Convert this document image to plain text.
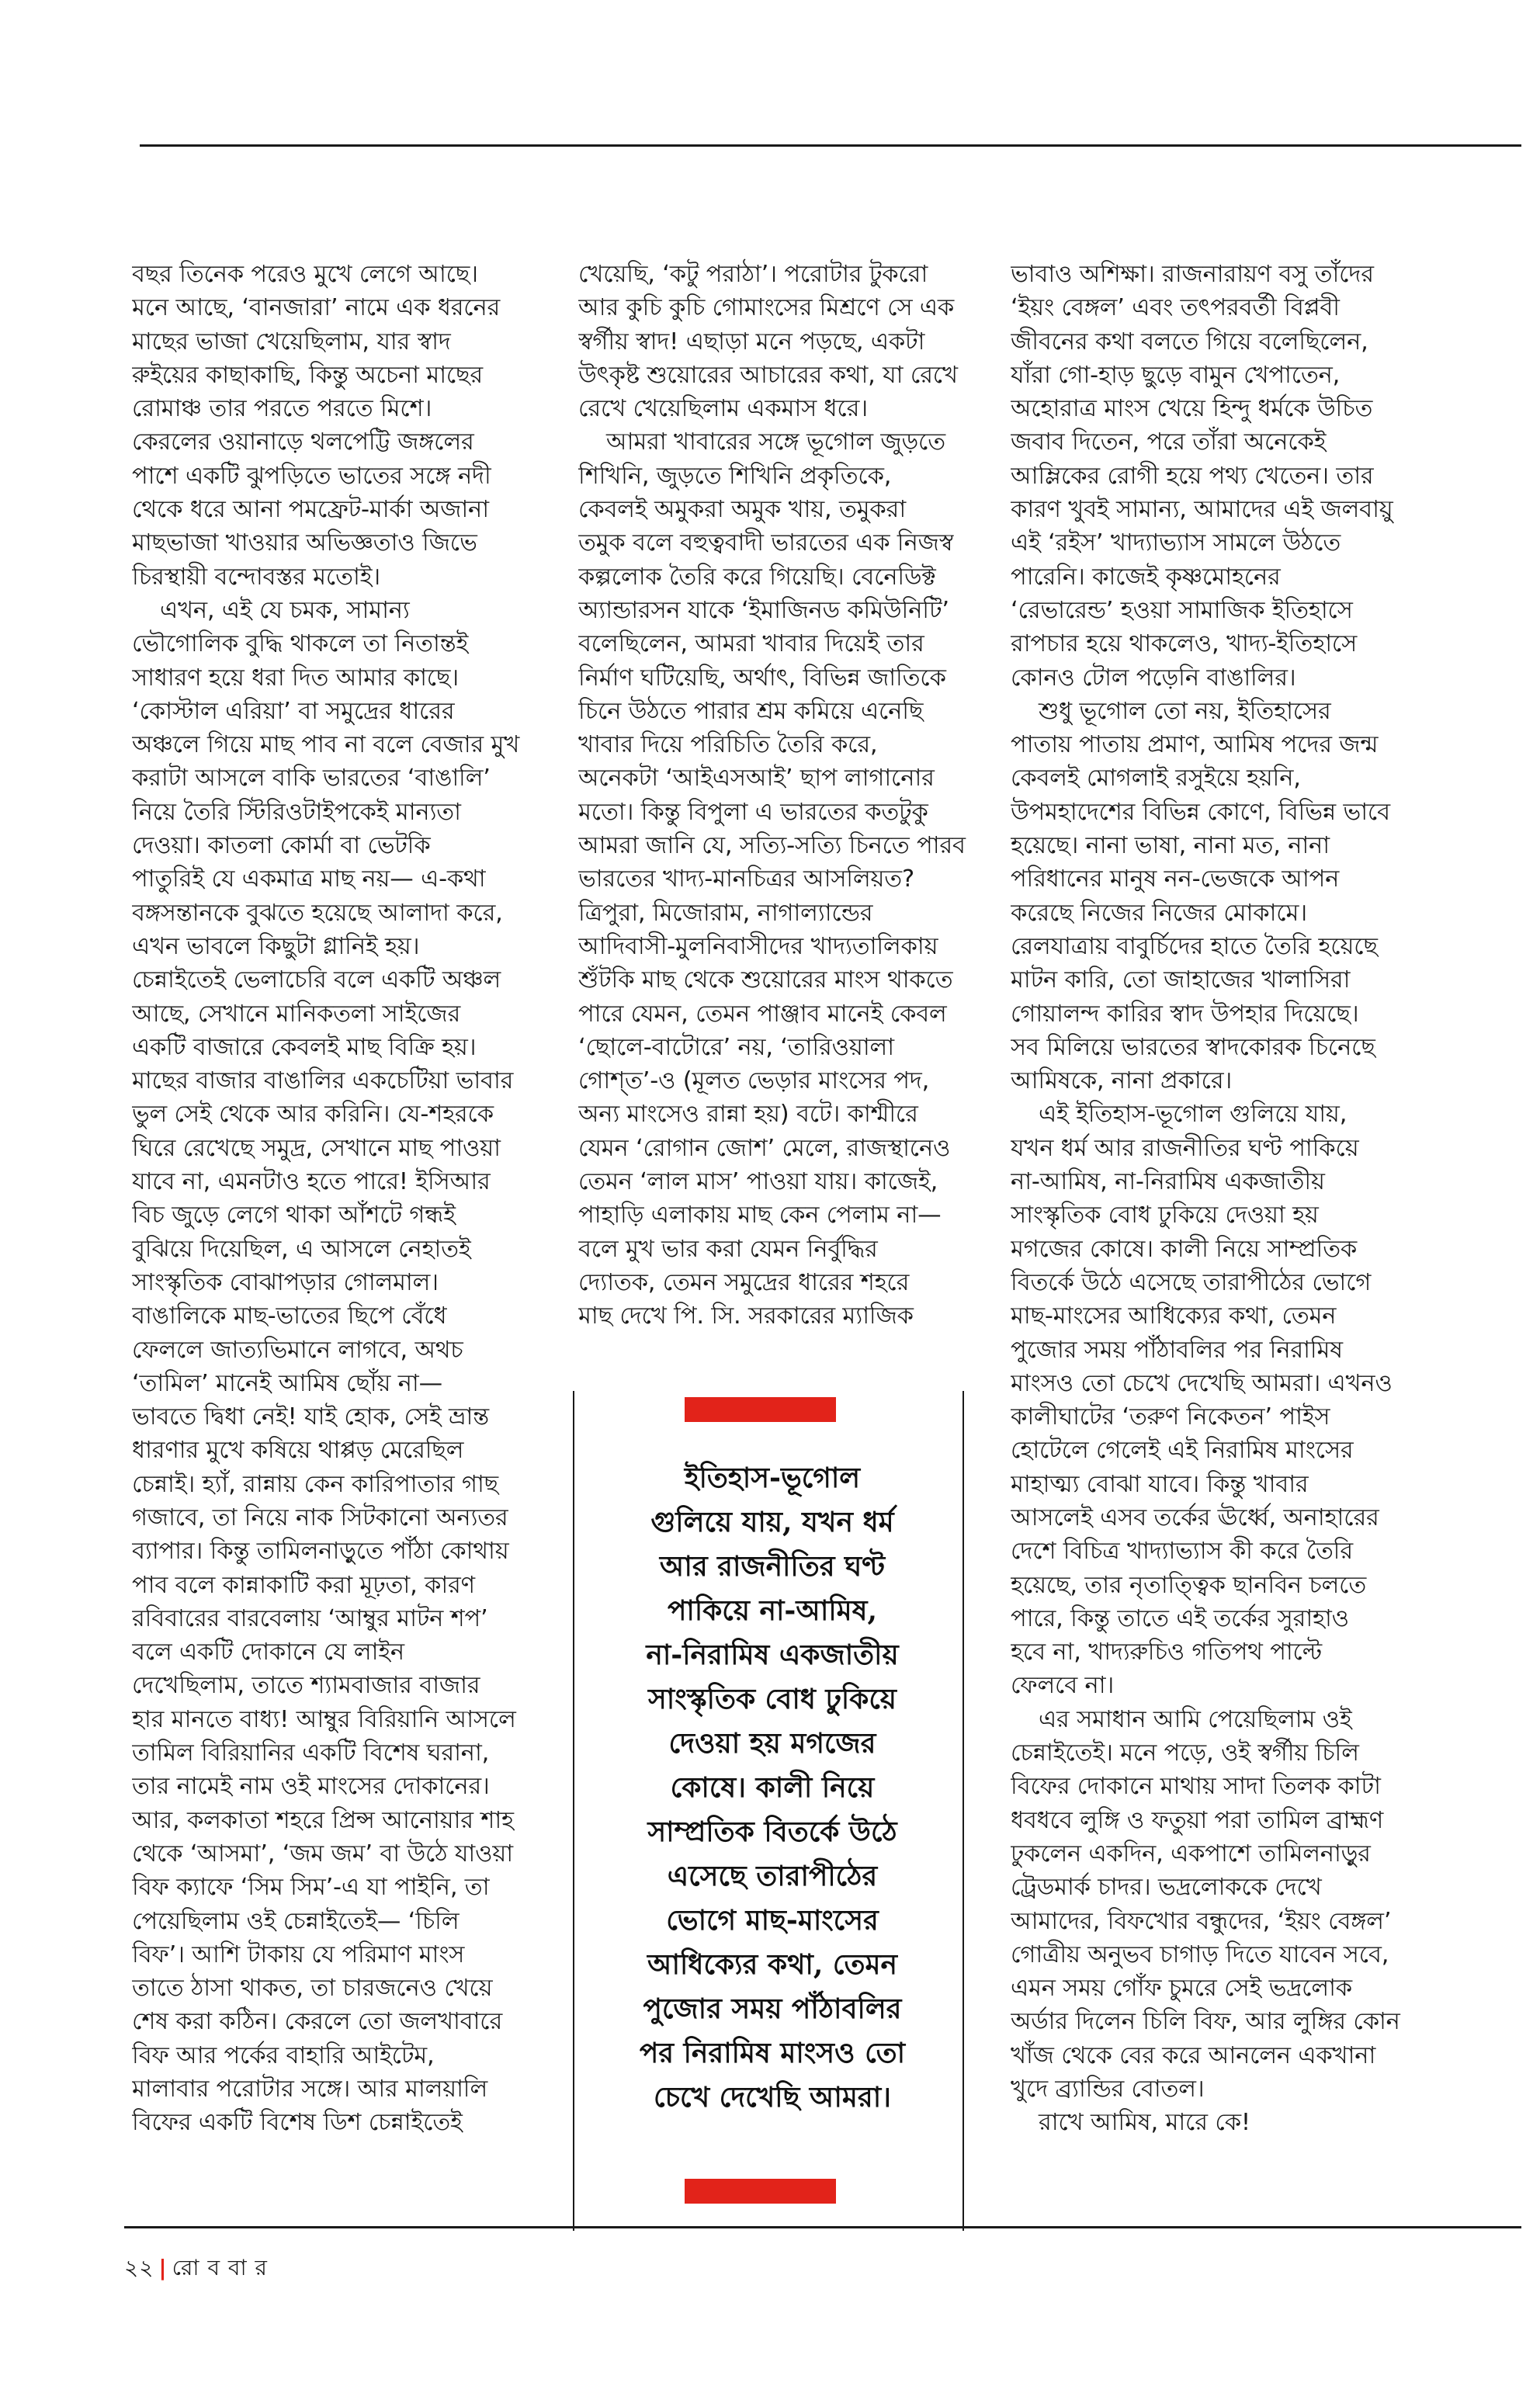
বছর তিনেক পরেও মুখে লেগে আছে।
মনে আছে, ‘বানজারা’ নামে এক ধরনের
মাছের ভাজা খেয়েছিলাম, যার স্বাদ
রুইয়ের কাছাকাছি, কিন্তু অচেনা মাছের
রোমাঞ্চ তার পরতে পরতে মিশে।
কেরলের ওয়ানাড়ে থলপেট্টি জঙ্গলের
পাশে একটি ঝুপড়িতে ভাতের সঙ্গে নদী
থেকে ধরে আনা পমফ্রেট-মার্কা অজানা
মাছভাজা খাওয়ার অভিজ্ঞতাও জিভে
চিরস্থায়ী বন্দোবস্তর মতোই।
এখন, এই যে চমক, সামান্য
ভৌগোলিক বুদ্ধি থাকলে তা নিতান্তই
সাধারণ হয়ে ধরা দিত আমার কাছে।
‘কোস্টাল এরিয়া’ বা সমুদ্রের ধারের
অঞ্চলে গিয়ে মাছ পাব না বলে বেজার মুখ
করাটা আসলে বাকি ভারতের ‘বাঙালি’
নিয়ে তৈরি স্টিরিওটাইপকেই মান্যতা
দেওয়া। কাতলা কোর্মা বা ভেটকি
পাতুরিই যে একমাত্র মাছ নয়— এ-কথা
বঙ্গসন্তানকে বুঝতে হয়েছে আলাদা করে,
এখন ভাবলে কিছুটা গ্লানিই হয়।
চেন্নাইতেই ভেলাচেরি বলে একটি অঞ্চল
আছে, সেখানে মানিকতলা সাইজের
একটি বাজারে কেবলই মাছ বিক্রি হয়।
মাছের বাজার বাঙালির একচেটিয়া ভাবার
ভুল সেই থেকে আর করিনি। যে-শহরকে
ঘিরে রেখেছে সমুদ্র, সেখানে মাছ পাওয়া
যাবে না, এমনটাও হতে পারে! ইসিআর
বিচ জুড়ে লেগে থাকা আঁশটে গন্ধই
বুঝিয়ে দিয়েছিল, এ আসলে নেহাতই
সাংস্কৃতিক বোঝাপড়ার গোলমাল।
বাঙালিকে মাছ-ভাতের ছিপে বেঁধে
ফেললে জাত্যভিমানে লাগবে, অথচ
‘তামিল’ মানেই আমিষ ছোঁয় না—
ভাবতে দ্বিধা নেই! যাই হোক, সেই ভ্রান্ত
ধারণার মুখে কষিয়ে থাপ্পড় মেরেছিল
চেন্নাই। হ্যাঁ, রান্নায় কেন কারিপাতার গাছ
গজাবে, তা নিয়ে নাক সিটকানো অন্যতর
ব্যাপার। কিন্তু তামিলনাড়ুতে পাঁঠা কোথায়
পাব বলে কান্নাকাটি করা মূঢ়তা, কারণ
রবিবারের বারবেলায় ‘আম্বুর মাটন শপ’
বলে একটি দোকানে যে লাইন
দেখেছিলাম, তাতে শ্যামবাজার বাজার
হার মানতে বাধ্য! আম্বুর বিরিয়ানি আসলে
তামিল বিরিয়ানির একটি বিশেষ ঘরানা,
তার নামেই নাম ওই মাংসের দোকানের।
আর, কলকাতা শহরে প্রিন্স আনোয়ার শাহ
থেকে ‘আসমা’, ‘জম জম’ বা উঠে যাওয়া
বিফ ক্যাফে ‘সিম সিম’-এ যা পাইনি, তা
পেয়েছিলাম ওই চেন্নাইতেই— ‘চিলি
বিফ’। আশি টাকায় যে পরিমাণ মাংস
তাতে ঠাসা থাকত, তা চারজনেও খেয়ে
শেষ করা কঠিন। কেরলে তো জলখাবারে
বিফ আর পর্কের বাহারি আইটেম,
মালাবার পরোটার সঙ্গে। আর মালয়ালি
বিফের একটি বিশেষ ডিশ চেন্নাইতেই
খেয়েছি, ‘কটু পরাঠা’। পরোটার টুকরো
আর কুচি কুচি গোমাংসের মিশ্রণে সে এক
স্বর্গীয় স্বাদ! এছাড়া মনে পড়ছে, একটা
উৎকৃষ্ট শুয়োরের আচারের কথা, যা রেখে
রেখে খেয়েছিলাম একমাস ধরে।
আমরা খাবারের সঙ্গে ভূগোল জুড়তে
শিখিনি, জুড়তে শিখিনি প্রকৃতিকে,
কেবলই অমুকরা অমুক খায়, তমুকরা
তমুক বলে বহুত্ববাদী ভারতের এক নিজস্ব
কল্পলোক তৈরি করে গিয়েছি। বেনেডিক্ট
অ্যান্ডারসন যাকে ‘ইমাজিনড কমিউনিটি’
বলেছিলেন, আমরা খাবার দিয়েই তার
নির্মাণ ঘটিয়েছি, অর্থাৎ, বিভিন্ন জাতিকে
চিনে উঠতে পারার শ্রম কমিয়ে এনেছি
খাবার দিয়ে পরিচিতি তৈরি করে,
অনেকটা ‘আইএসআই’ ছাপ লাগানোর
মতো। কিন্তু বিপুলা এ ভারতের কতটুকু
আমরা জানি যে, সত্যি-সত্যি চিনতে পারব
ভারতের খাদ্য-মানচিত্রর আসলিয়ত?
ত্রিপুরা, মিজোরাম, নাগাল্যান্ডের
আদিবাসী-মুলনিবাসীদের খাদ্যতালিকায়
শুঁটকি মাছ থেকে শুয়োরের মাংস থাকতে
পারে যেমন, তেমন পাঞ্জাব মানেই কেবল
‘ছোলে-বাটোরে’ নয়, ‘তারিওয়ালা
গোশ্‌ত’-ও (মূলত ভেড়ার মাংসের পদ,
অন্য মাংসেও রান্না হয়) বটে। কাশ্মীরে
যেমন ‘রোগান জোশ’ মেলে, রাজস্থানেও
তেমন ‘লাল মাস’ পাওয়া যায়। কাজেই,
পাহাড়ি এলাকায় মাছ কেন পেলাম না—
বলে মুখ ভার করা যেমন নির্বুদ্ধির
দ্যোতক, তেমন সমুদ্রের ধারের শহরে
মাছ দেখে পি. সি. সরকারের ম্যাজিক
ভাবাও অশিক্ষা। রাজনারায়ণ বসু তাঁদের
‘ইয়ং বেঙ্গল’ এবং তৎপরবর্তী বিপ্লবী
জীবনের কথা বলতে গিয়ে বলেছিলেন,
যাঁরা গো-হাড় ছুড়ে বামুন খেপাতেন,
অহোরাত্র মাংস খেয়ে হিন্দু ধর্মকে উচিত
জবাব দিতেন, পরে তাঁরা অনেকেই
আম্লিকের রোগী হয়ে পথ্য খেতেন। তার
কারণ খুবই সামান্য, আমাদের এই জলবায়ু
এই ‘রইস’ খাদ্যাভ্যাস সামলে উঠতে
পারেনি। কাজেই কৃষ্ণমোহনের
‘রেভারেন্ড’ হওয়া সামাজিক ইতিহাসে
রাপচার হয়ে থাকলেও, খাদ্য-ইতিহাসে
কোনও টোল পড়েনি বাঙালির।
শুধু ভূগোল তো নয়, ইতিহাসের
পাতায় পাতায় প্রমাণ, আমিষ পদের জন্ম
কেবলই মোগলাই রসুইয়ে হয়নি,
উপমহাদেশের বিভিন্ন কোণে, বিভিন্ন ভাবে
হয়েছে। নানা ভাষা, নানা মত, নানা
পরিধানের মানুষ নন-ভেজকে আপন
করেছে নিজের নিজের মোকামে।
রেলযাত্রায় বাবুর্চিদের হাতে তৈরি হয়েছে
মাটন কারি, তো জাহাজের খালাসিরা
গোয়ালন্দ কারির স্বাদ উপহার দিয়েছে।
সব মিলিয়ে ভারতের স্বাদকোরক চিনেছে
আমিষকে, নানা প্রকারে।
এই ইতিহাস-ভূগোল গুলিয়ে যায়,
যখন ধর্ম আর রাজনীতির ঘণ্ট পাকিয়ে
না-আমিষ, না-নিরামিষ একজাতীয়
সাংস্কৃতিক বোধ ঢুকিয়ে দেওয়া হয়
মগজের কোষে। কালী নিয়ে সাম্প্রতিক
বিতর্কে উঠে এসেছে তারাপীঠের ভোগে
মাছ-মাংসের আধিক্যের কথা, তেমন
পুজোর সময় পাঁঠাবলির পর নিরামিষ
মাংসও তো চেখে দেখেছি আমরা। এখনও
কালীঘাটের ‘তরুণ নিকেতন’ পাইস
হোটেলে গেলেই এই নিরামিষ মাংসের
মাহাত্ম্য বোঝা যাবে। কিন্তু খাবার
আসলেই এসব তর্কের ঊর্ধ্বে, অনাহারের
দেশে বিচিত্র খাদ্যাভ্যাস কী করে তৈরি
হয়েছে, তার নৃতাত্ত্বিক ছানবিন চলতে
পারে, কিন্তু তাতে এই তর্কের সুরাহাও
হবে না, খাদ্যরুচিও গতিপথ পাল্টে
ফেলবে না।
এর সমাধান আমি পেয়েছিলাম ওই
চেন্নাইতেই। মনে পড়ে, ওই স্বর্গীয় চিলি
বিফের দোকানে মাথায় সাদা তিলক কাটা
ধবধবে লুঙ্গি ও ফতুয়া পরা তামিল ব্রাহ্মণ
ঢুকলেন একদিন, একপাশে তামিলনাড়ুর
ট্রেডমার্ক চাদর। ভদ্রলোককে দেখে
আমাদের, বিফখোর বন্ধুদের, ‘ইয়ং বেঙ্গল’
গোত্রীয় অনুভব চাগাড় দিতে যাবেন সবে,
এমন সময় গোঁফ চুমরে সেই ভদ্রলোক
অর্ডার দিলেন চিলি বিফ, আর লুঙ্গির কোন
খাঁজ থেকে বের করে আনলেন একখানা
খুদে ব্র্যান্ডির বোতল।
রাখে আমিষ, মারে কে!
ইতিহাস-ভূগোল
গুলিয়ে যায়, যখন ধর্ম
আর রাজনীতির ঘণ্ট
পাকিয়ে না-আমিষ,
না-নিরামিষ একজাতীয়
সাংস্কৃতিক বোধ ঢুকিয়ে
দেওয়া হয় মগজের
কোষে। কালী নিয়ে
সাম্প্রতিক বিতর্কে উঠে
এসেছে তারাপীঠের
ভোগে মাছ-মাংসের
আধিক্যের কথা, তেমন
পুজোর সময় পাঁঠাবলির
পর নিরামিষ মাংসও তো
চেখে দেখেছি আমরা।
২২ | রো ব বা র
